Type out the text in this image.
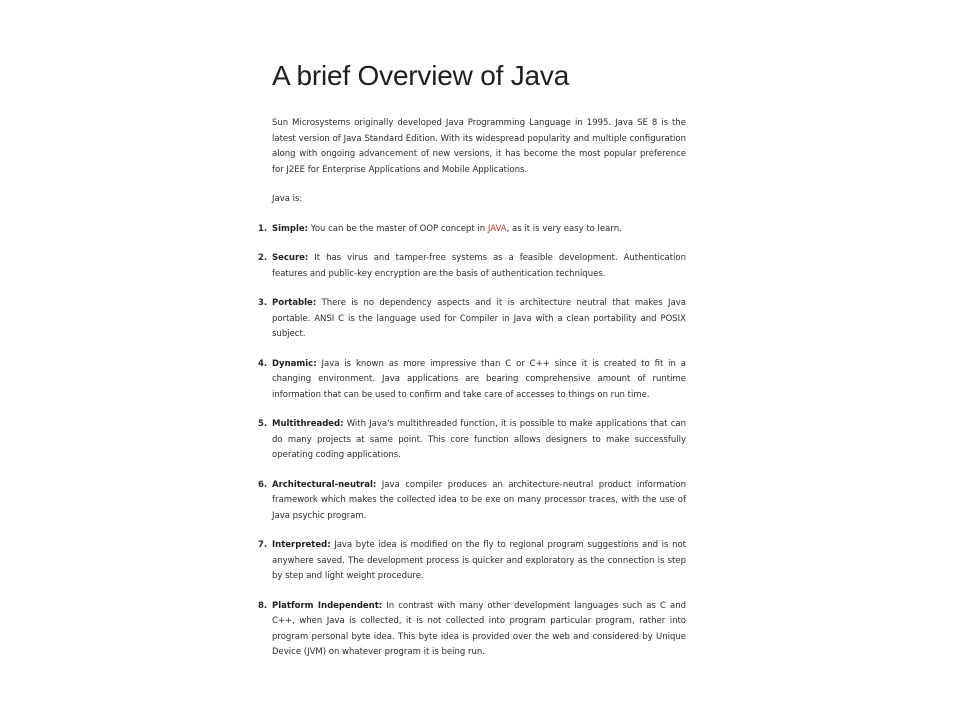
A brief Overview of Java

Sun Microsystems originally developed Java Programming Language in 1995. Java SE 8 is the latest version of Java Standard Edition. With its widespread popularity and multiple configuration along with ongoing advancement of new versions, it has become the most popular preference for J2EE for Enterprise Applications and Mobile Applications.

Java is:

1. Simple: You can be the master of OOP concept in JAVA, as it is very easy to learn.
2. Secure: It has virus and tamper-free systems as a feasible development. Authentication features and public-key encryption are the basis of authentication techniques.
3. Portable: There is no dependency aspects and it is architecture neutral that makes Java portable. ANSI C is the language used for Compiler in Java with a clean portability and POSIX subject.
4. Dynamic: Java is known as more impressive than C or C++ since it is created to fit in a changing environment. Java applications are bearing comprehensive amount of runtime information that can be used to confirm and take care of accesses to things on run time.
5. Multithreaded: With Java's multithreaded function, it is possible to make applications that can do many projects at same point. This core function allows designers to make successfully operating coding applications.
6. Architectural-neutral: Java compiler produces an architecture-neutral product information framework which makes the collected idea to be exe on many processor traces, with the use of Java psychic program.
7. Interpreted: Java byte idea is modified on the fly to regional program suggestions and is not anywhere saved. The development process is quicker and exploratory as the connection is step by step and light weight procedure.
8. Platform Independent: In contrast with many other development languages such as C and C++, when Java is collected, it is not collected into program particular program, rather into program personal byte idea. This byte idea is provided over the web and considered by Unique Device (JVM) on whatever program it is being run.
